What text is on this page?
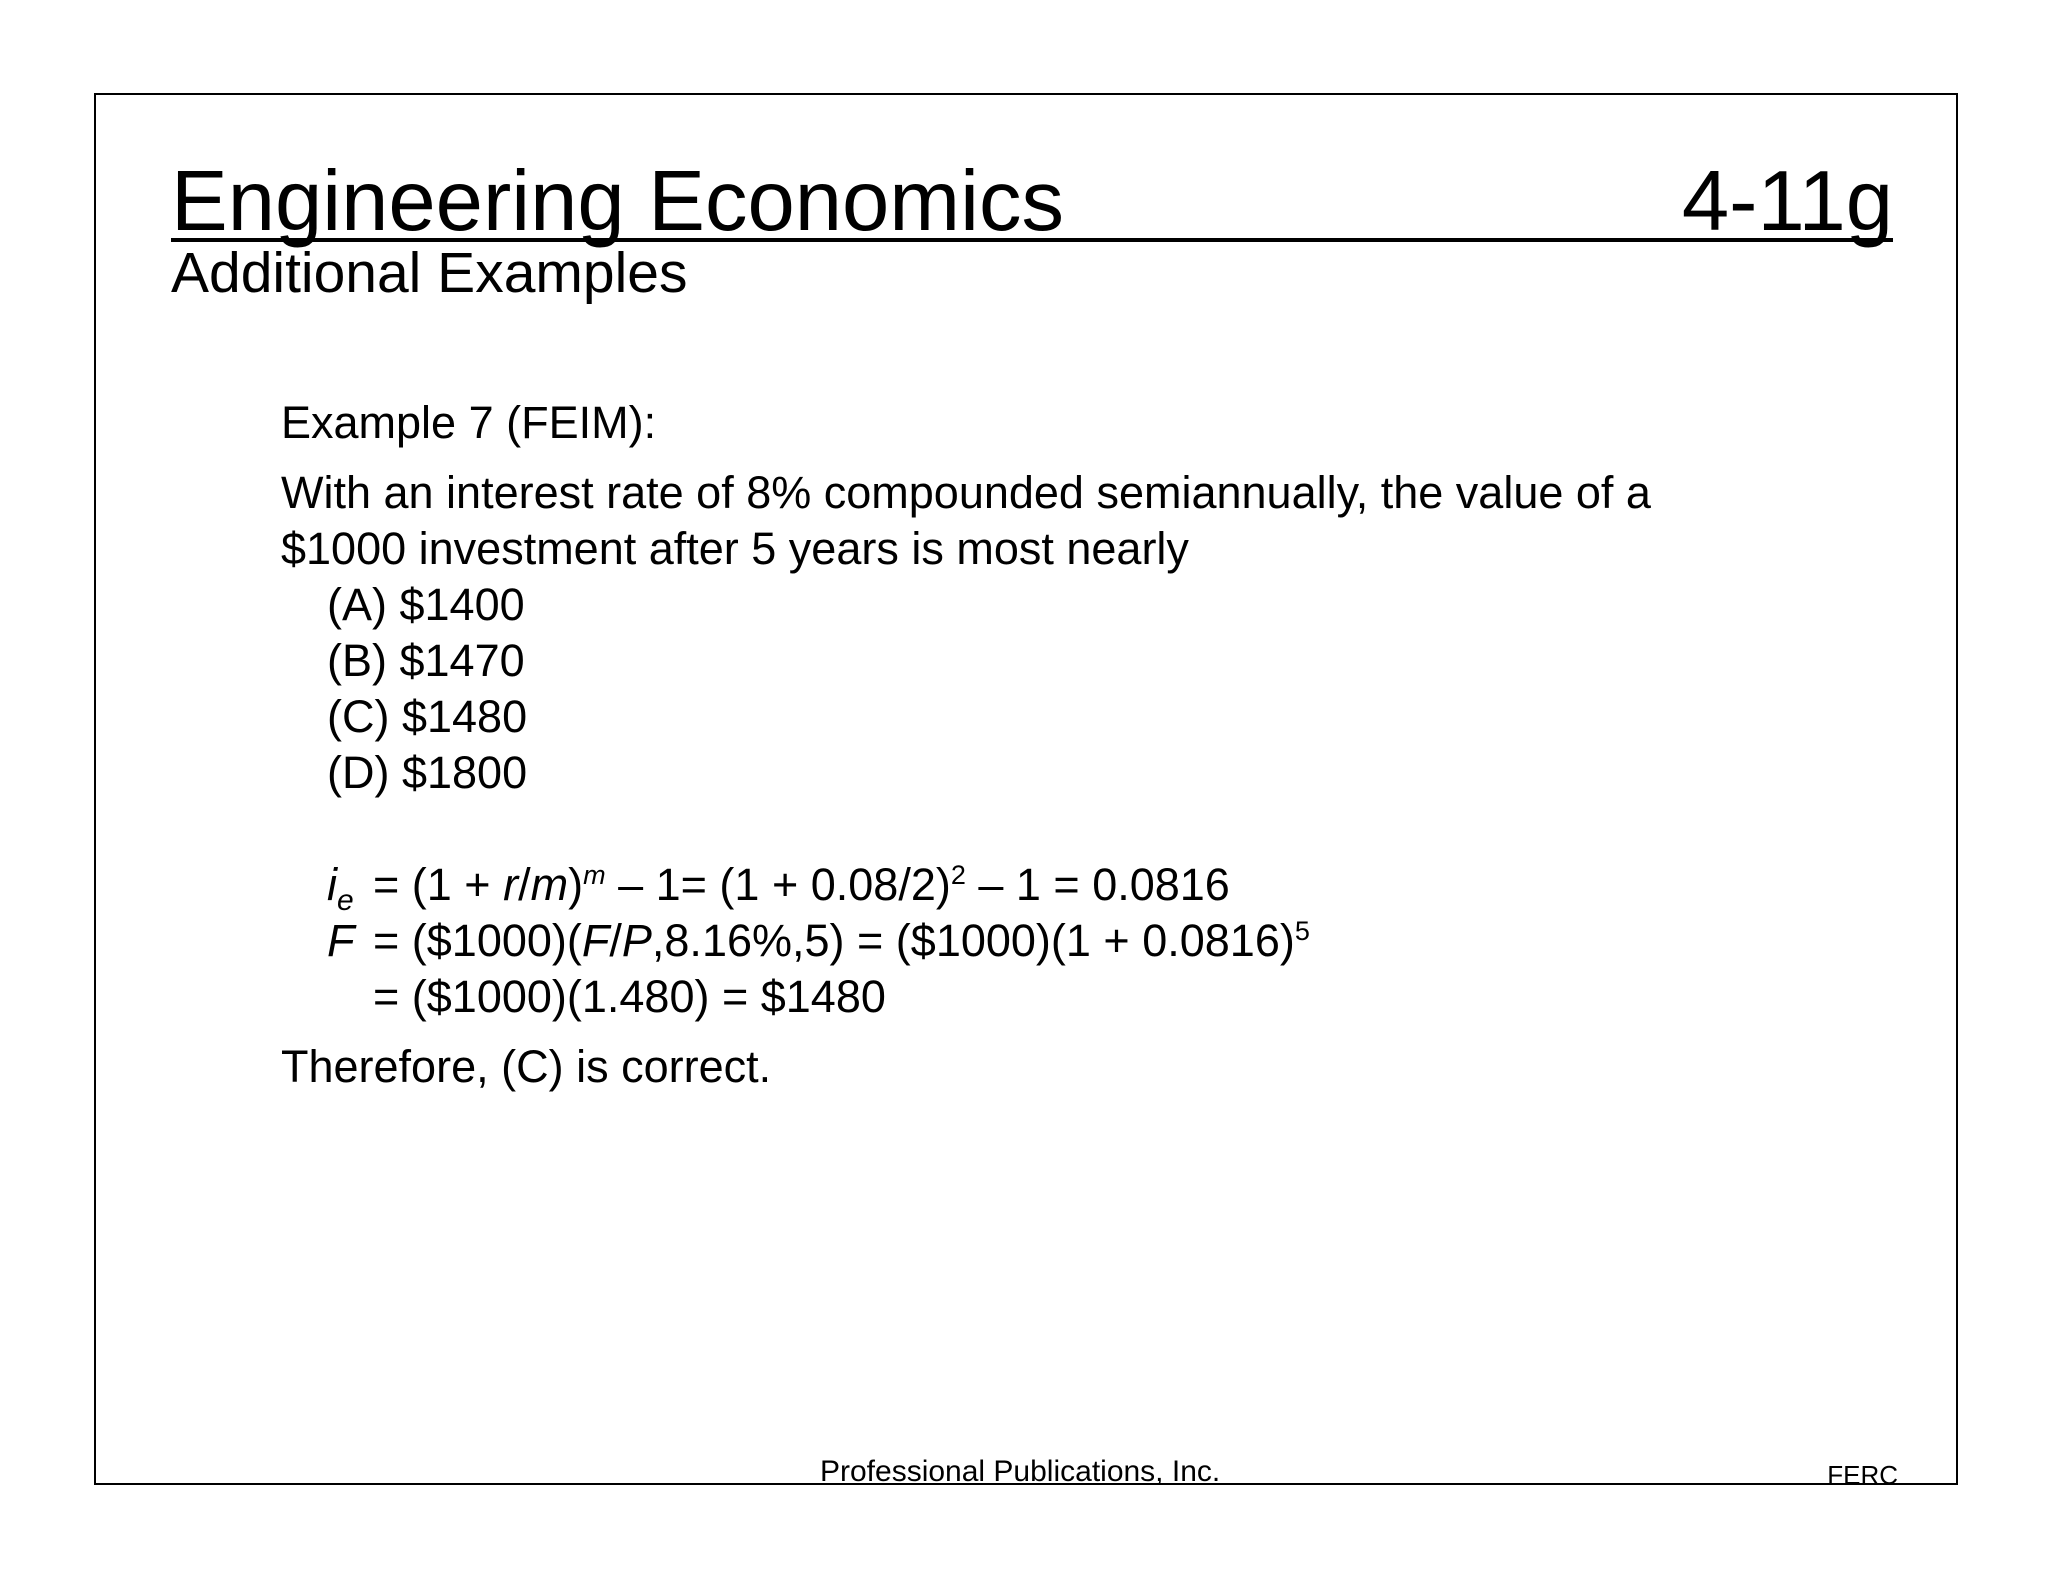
Engineering Economics	4-11g
Additional Examples
Example 7 (FEIM):

With an interest rate of 8% compounded semiannually, the value of a
$1000 investment after 5 years is most nearly

(A) $1400
(B) $1470
(C) $1480
(D) $1800
$i_e = (1 + r/m)^m - 1= (1 + 0.08/2)^2 - 1 = 0.0816$
F = ($1000)(F/P,8.16%,5) = ($1000)(1 + 0.0816)$^5$
= ($1000)(1.480) = $1480
Therefore, (C) is correct.
Professional Publications, Inc.	FERC
